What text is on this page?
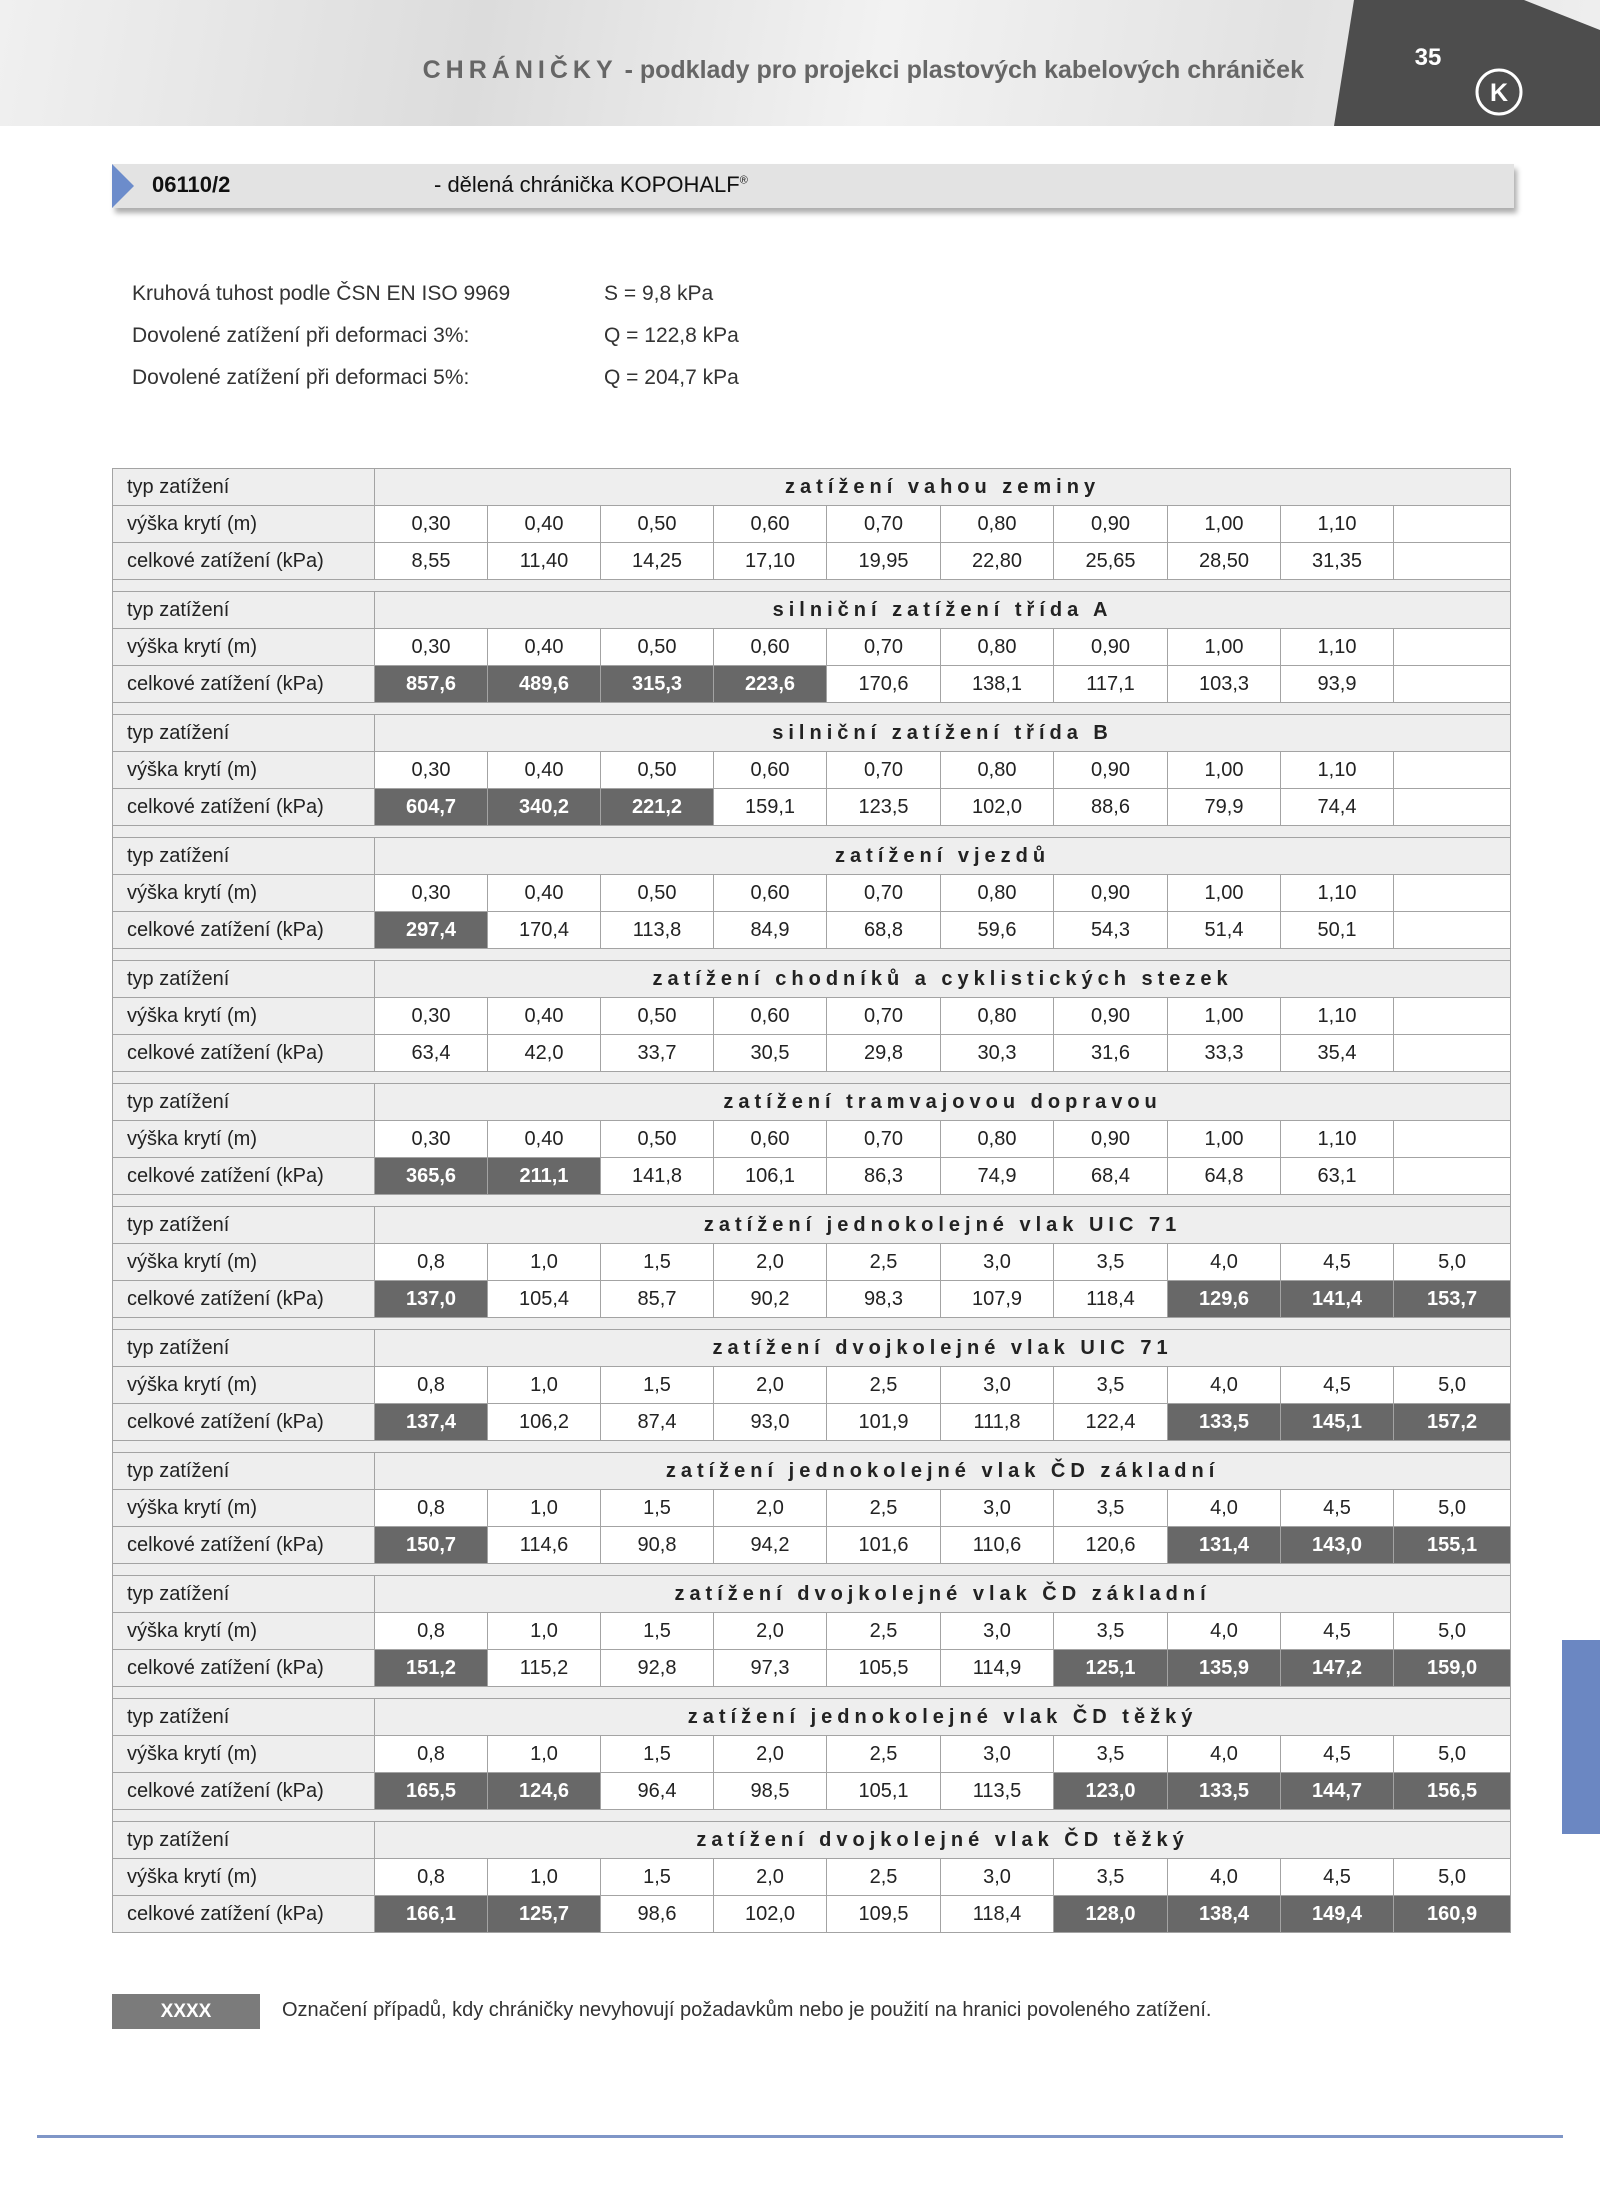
CHRÁNIČKY - podklady pro projekci plastových kabelových chrániček
K
35
06110/2	- dělená chránička KOPOHALF®
Kruhová tuhost podle ČSN EN ISO 9969	S = 9,8 kPa
Dovolené zatížení při deformaci 3%:	Q = 122,8 kPa
Dovolené zatížení při deformaci 5%:	Q = 204,7 kPa
typ zatížení	zatížení vahou zeminy									
výška krytí (m)	0,30	0,40	0,50	0,60	0,70	0,80	0,90	1,00	1,10	
celkové zatížení (kPa)	8,55	11,40	14,25	17,10	19,95	22,80	25,65	28,50	31,35	

typ zatížení	silniční zatížení třída A									
výška krytí (m)	0,30	0,40	0,50	0,60	0,70	0,80	0,90	1,00	1,10	
celkové zatížení (kPa)	857,6	489,6	315,3	223,6	170,6	138,1	117,1	103,3	93,9	

typ zatížení	silniční zatížení třída B									
výška krytí (m)	0,30	0,40	0,50	0,60	0,70	0,80	0,90	1,00	1,10	
celkové zatížení (kPa)	604,7	340,2	221,2	159,1	123,5	102,0	88,6	79,9	74,4	

typ zatížení	zatížení vjezdů									
výška krytí (m)	0,30	0,40	0,50	0,60	0,70	0,80	0,90	1,00	1,10	
celkové zatížení (kPa)	297,4	170,4	113,8	84,9	68,8	59,6	54,3	51,4	50,1	

typ zatížení	zatížení chodníků a cyklistických stezek									
výška krytí (m)	0,30	0,40	0,50	0,60	0,70	0,80	0,90	1,00	1,10	
celkové zatížení (kPa)	63,4	42,0	33,7	30,5	29,8	30,3	31,6	33,3	35,4	

typ zatížení	zatížení tramvajovou dopravou									
výška krytí (m)	0,30	0,40	0,50	0,60	0,70	0,80	0,90	1,00	1,10	
celkové zatížení (kPa)	365,6	211,1	141,8	106,1	86,3	74,9	68,4	64,8	63,1	

typ zatížení	zatížení jednokolejné vlak UIC 71									
výška krytí (m)	0,8	1,0	1,5	2,0	2,5	3,0	3,5	4,0	4,5	5,0
celkové zatížení (kPa)	137,0	105,4	85,7	90,2	98,3	107,9	118,4	129,6	141,4	153,7

typ zatížení	zatížení dvojkolejné vlak UIC 71									
výška krytí (m)	0,8	1,0	1,5	2,0	2,5	3,0	3,5	4,0	4,5	5,0
celkové zatížení (kPa)	137,4	106,2	87,4	93,0	101,9	111,8	122,4	133,5	145,1	157,2

typ zatížení	zatížení jednokolejné vlak ČD základní									
výška krytí (m)	0,8	1,0	1,5	2,0	2,5	3,0	3,5	4,0	4,5	5,0
celkové zatížení (kPa)	150,7	114,6	90,8	94,2	101,6	110,6	120,6	131,4	143,0	155,1

typ zatížení	zatížení dvojkolejné vlak ČD základní									
výška krytí (m)	0,8	1,0	1,5	2,0	2,5	3,0	3,5	4,0	4,5	5,0
celkové zatížení (kPa)	151,2	115,2	92,8	97,3	105,5	114,9	125,1	135,9	147,2	159,0

typ zatížení	zatížení jednokolejné vlak ČD těžký									
výška krytí (m)	0,8	1,0	1,5	2,0	2,5	3,0	3,5	4,0	4,5	5,0
celkové zatížení (kPa)	165,5	124,6	96,4	98,5	105,1	113,5	123,0	133,5	144,7	156,5

typ zatížení	zatížení dvojkolejné vlak ČD těžký									
výška krytí (m)	0,8	1,0	1,5	2,0	2,5	3,0	3,5	4,0	4,5	5,0
celkové zatížení (kPa)	166,1	125,7	98,6	102,0	109,5	118,4	128,0	138,4	149,4	160,9
XXXX	Označení případů, kdy chráničky nevyhovují požadavkům nebo je použití na hranici povoleného zatížení.
